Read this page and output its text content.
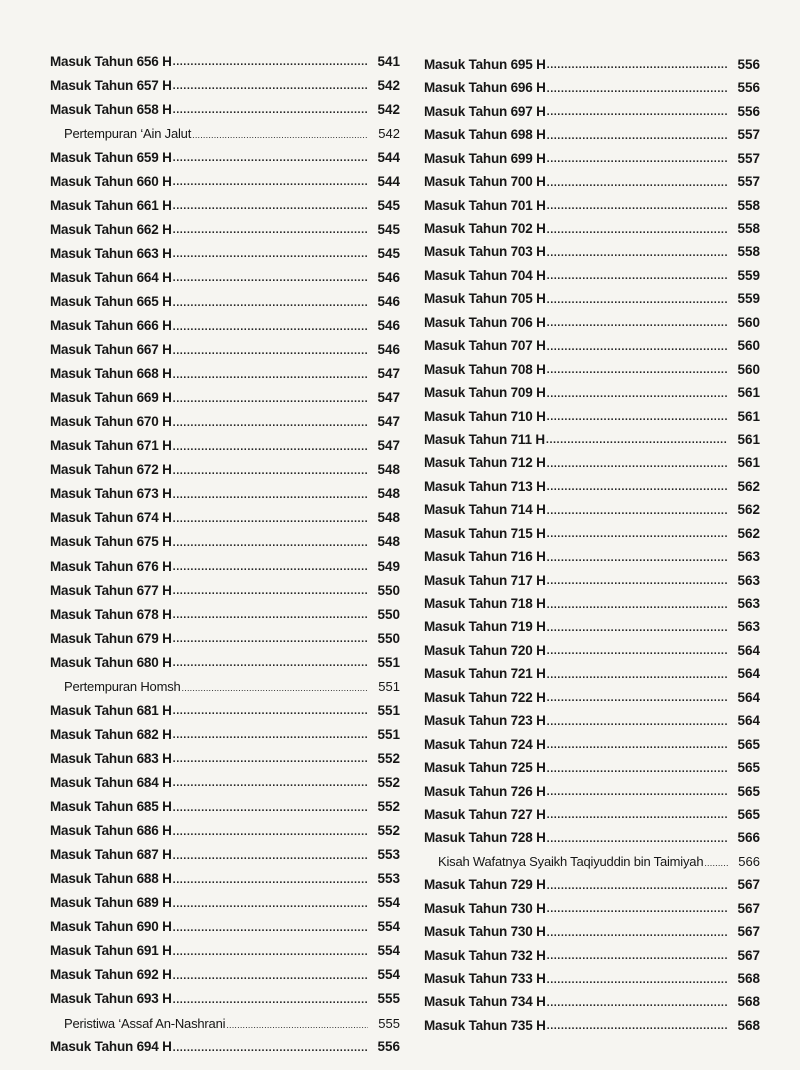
Masuk Tahun 656 H .....	541
Masuk Tahun 657 H .....	542
Masuk Tahun 658 H .....	542
Pertempuran ‘Ain Jalut .....	542
Masuk Tahun 659 H .....	544
Masuk Tahun 660 H .....	544
Masuk Tahun 661 H .....	545
Masuk Tahun 662 H .....	545
Masuk Tahun 663 H .....	545
Masuk Tahun 664 H .....	546
Masuk Tahun 665 H .....	546
Masuk Tahun 666 H .....	546
Masuk Tahun 667 H .....	546
Masuk Tahun 668 H .....	547
Masuk Tahun 669 H .....	547
Masuk Tahun 670 H .....	547
Masuk Tahun 671 H .....	547
Masuk Tahun 672 H .....	548
Masuk Tahun 673 H .....	548
Masuk Tahun 674 H .....	548
Masuk Tahun 675 H .....	548
Masuk Tahun 676 H .....	549
Masuk Tahun 677 H .....	550
Masuk Tahun 678 H .....	550
Masuk Tahun 679 H .....	550
Masuk Tahun 680 H .....	551
Pertempuran Homsh .....	551
Masuk Tahun 681 H .....	551
Masuk Tahun 682 H .....	551
Masuk Tahun 683 H .....	552
Masuk Tahun 684 H .....	552
Masuk Tahun 685 H .....	552
Masuk Tahun 686 H .....	552
Masuk Tahun 687 H .....	553
Masuk Tahun 688 H .....	553
Masuk Tahun 689 H .....	554
Masuk Tahun 690 H .....	554
Masuk Tahun 691 H .....	554
Masuk Tahun 692 H .....	554
Masuk Tahun 693 H .....	555
Peristiwa ‘Assaf An-Nashrani .....	555
Masuk Tahun 694 H .....	556
Masuk Tahun 695 H .....	556
Masuk Tahun 696 H .....	556
Masuk Tahun 697 H .....	556
Masuk Tahun 698 H .....	557
Masuk Tahun 699 H .....	557
Masuk Tahun 700 H .....	557
Masuk Tahun 701 H .....	558
Masuk Tahun 702 H .....	558
Masuk Tahun 703 H .....	558
Masuk Tahun 704 H .....	559
Masuk Tahun 705 H .....	559
Masuk Tahun 706 H .....	560
Masuk Tahun 707 H .....	560
Masuk Tahun 708 H .....	560
Masuk Tahun 709 H .....	561
Masuk Tahun 710 H .....	561
Masuk Tahun 711 H .....	561
Masuk Tahun 712 H .....	561
Masuk Tahun 713 H .....	562
Masuk Tahun 714 H .....	562
Masuk Tahun 715 H .....	562
Masuk Tahun 716 H .....	563
Masuk Tahun 717 H .....	563
Masuk Tahun 718 H .....	563
Masuk Tahun 719 H .....	563
Masuk Tahun 720 H .....	564
Masuk Tahun 721 H .....	564
Masuk Tahun 722 H .....	564
Masuk Tahun 723 H .....	564
Masuk Tahun 724 H .....	565
Masuk Tahun 725 H .....	565
Masuk Tahun 726 H .....	565
Masuk Tahun 727 H .....	565
Masuk Tahun 728 H .....	566
Kisah Wafatnya Syaikh Taqiyuddin bin Taimiyah .....	566
Masuk Tahun 729 H .....	567
Masuk Tahun 730 H .....	567
Masuk Tahun 730 H .....	567
Masuk Tahun 732 H .....	567
Masuk Tahun 733 H .....	568
Masuk Tahun 734 H .....	568
Masuk Tahun 735 H .....	568
